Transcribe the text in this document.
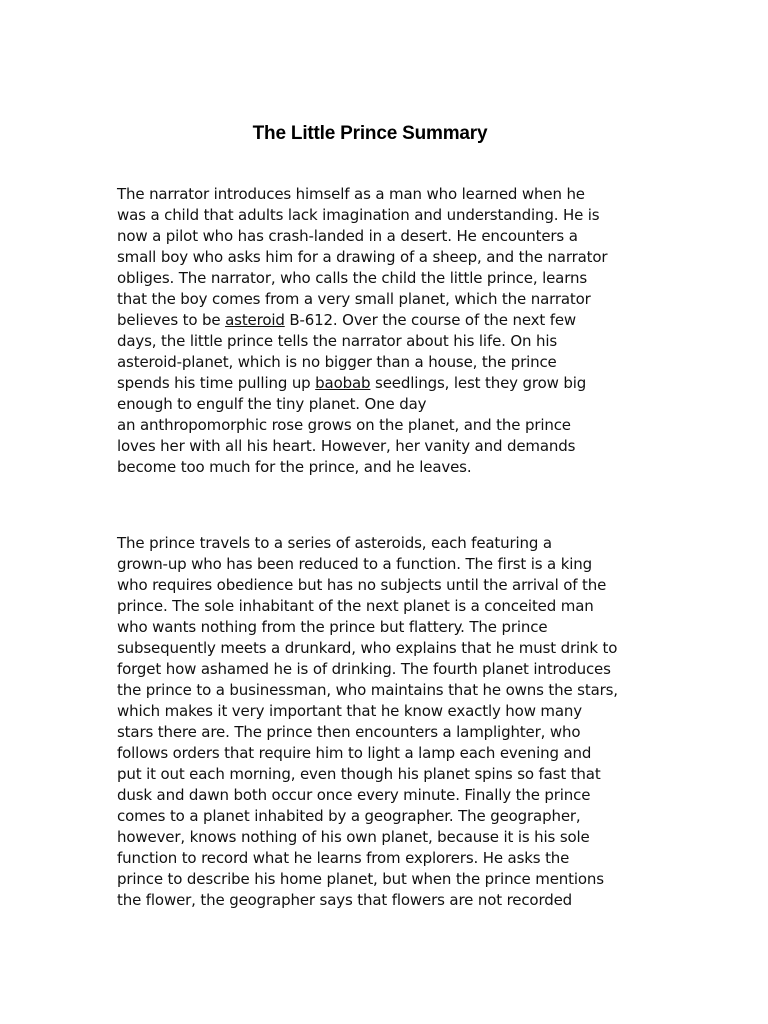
The Little Prince Summary
The narrator introduces himself as a man who learned when he
was a child that adults lack imagination and understanding. He is
now a pilot who has crash-landed in a desert. He encounters a
small boy who asks him for a drawing of a sheep, and the narrator
obliges. The narrator, who calls the child the little prince, learns
that the boy comes from a very small planet, which the narrator
believes to be asteroid B-612. Over the course of the next few
days, the little prince tells the narrator about his life. On his
asteroid-planet, which is no bigger than a house, the prince
spends his time pulling up baobab seedlings, lest they grow big
enough to engulf the tiny planet. One day
an anthropomorphic rose grows on the planet, and the prince
loves her with all his heart. However, her vanity and demands
become too much for the prince, and he leaves.
The prince travels to a series of asteroids, each featuring a
grown-up who has been reduced to a function. The first is a king
who requires obedience but has no subjects until the arrival of the
prince. The sole inhabitant of the next planet is a conceited man
who wants nothing from the prince but flattery. The prince
subsequently meets a drunkard, who explains that he must drink to
forget how ashamed he is of drinking. The fourth planet introduces
the prince to a businessman, who maintains that he owns the stars,
which makes it very important that he know exactly how many
stars there are. The prince then encounters a lamplighter, who
follows orders that require him to light a lamp each evening and
put it out each morning, even though his planet spins so fast that
dusk and dawn both occur once every minute. Finally the prince
comes to a planet inhabited by a geographer. The geographer,
however, knows nothing of his own planet, because it is his sole
function to record what he learns from explorers. He asks the
prince to describe his home planet, but when the prince mentions
the flower, the geographer says that flowers are not recorded
